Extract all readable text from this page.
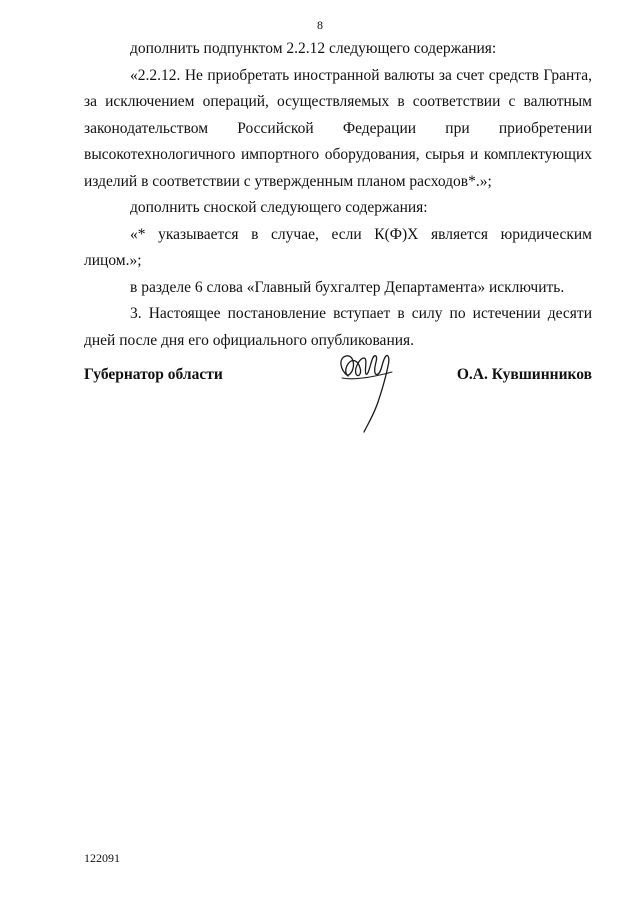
8

дополнить подпунктом 2.2.12 следующего содержания:

«2.2.12. Не приобретать иностранной валюты за счет средств Гранта, за исключением операций, осуществляемых в соответствии с валютным законодательством Российской Федерации при приобретении высокотехнологичного импортного оборудования, сырья и комплектующих изделий в соответствии с утвержденным планом расходов*.»;

дополнить сноской следующего содержания:

«* указывается в случае, если К(Ф)Х является юридическим лицом.»;

в разделе 6 слова «Главный бухгалтер Департамента» исключить.

3. Настоящее постановление вступает в силу по истечении десяти дней после дня его официального опубликования.

Губернатор области	О.А. Кувшинников
122091
